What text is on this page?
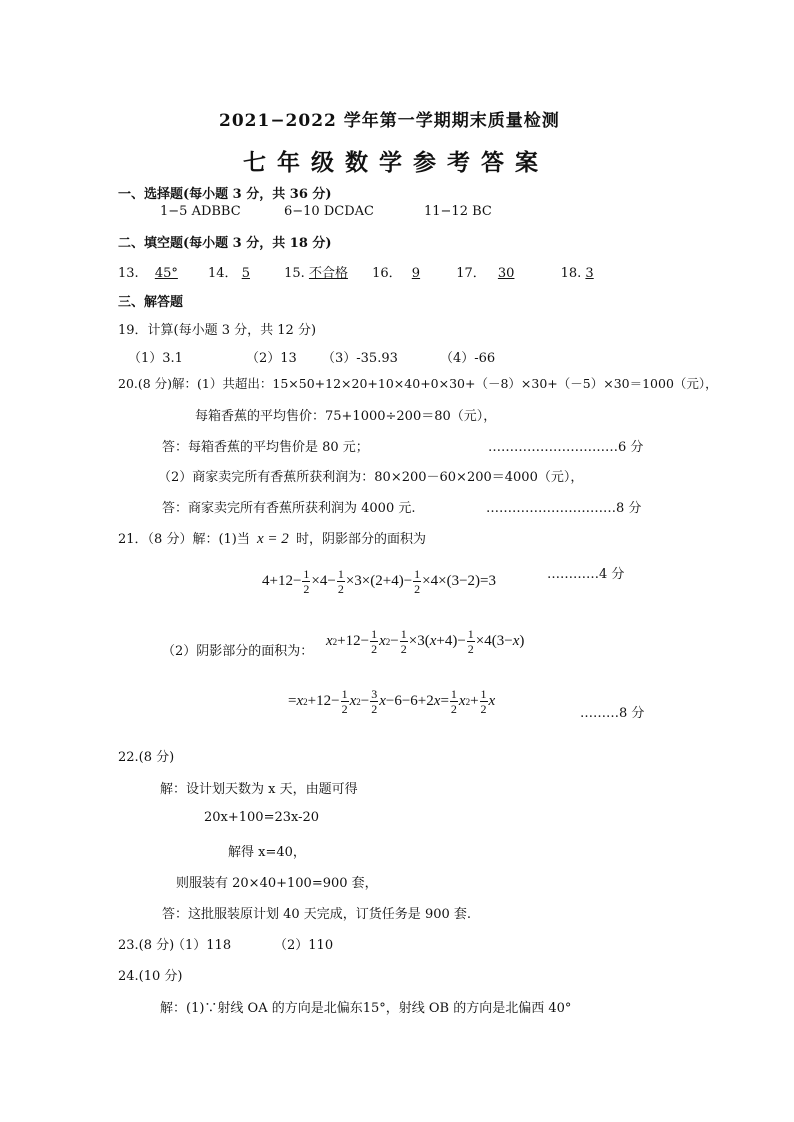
2021−2022 学年第一学期期末质量检测
七年级数学参考答案
一、选择题(每小题 3 分，共 36 分)
1−5 ADBBC	6−10 DCDAC	11−12 BC
二、填空题(每小题 3 分，共 18 分)
13. 45° 14． 5	15. 不合格 16． 9	17． 30	18. 3
三、解答题
19．计算(每小题 3 分，共 12 分)
（1）3.1	（2）13 （3）-35.93	（4）-66
20.(8 分)解：(1）共超出：15×50+12×20+10×40+0×30+（－8）×30+（－5）×30＝1000（元），
每箱香蕉的平均售价：75+1000÷200＝80（元），
答：每箱香蕉的平均售价是 80 元；	…………………………6 分
（2）商家卖完所有香蕉所获利润为：80×200－60×200＝4000（元），
答：商家卖完所有香蕉所获利润为 4000 元.	…………………………8 分
21．（8 分）解：(1)当 x = 2 时，阴影部分的面积为
…………4 分
$4+12- \frac{1}{2} \times 4- \frac{1}{2} \times 3\times(2+4)- \frac{1}{2} \times 4\times(3-2)=3$
（2）阴影部分的面积为：
x $2 +12- \frac{1}{2}$ x $2 - \frac{1}{2} \times 3$( $x +4)- \frac{1}{2} \times 4(3- x$ )
= x $2 +12- \frac{1}{2}$ x $2 - \frac{3}{2}$ x −6−6+2 $x = \frac{1}{2}$ x $2 + \frac{1}{2}$ x
………8 分
22.(8 分)
解：设计划天数为 x 天，由题可得
20x+100=23x-20
解得 x=40，
则服装有 20×40+100=900 套，
答：这批服装原计划 40 天完成，订货任务是 900 套.
23.(8 分)
（1）118	（2）110
24.(10 分)
解：(1)∵射线 OA 的方向是北偏东15°，射线 OB 的方向是北偏西 40°
